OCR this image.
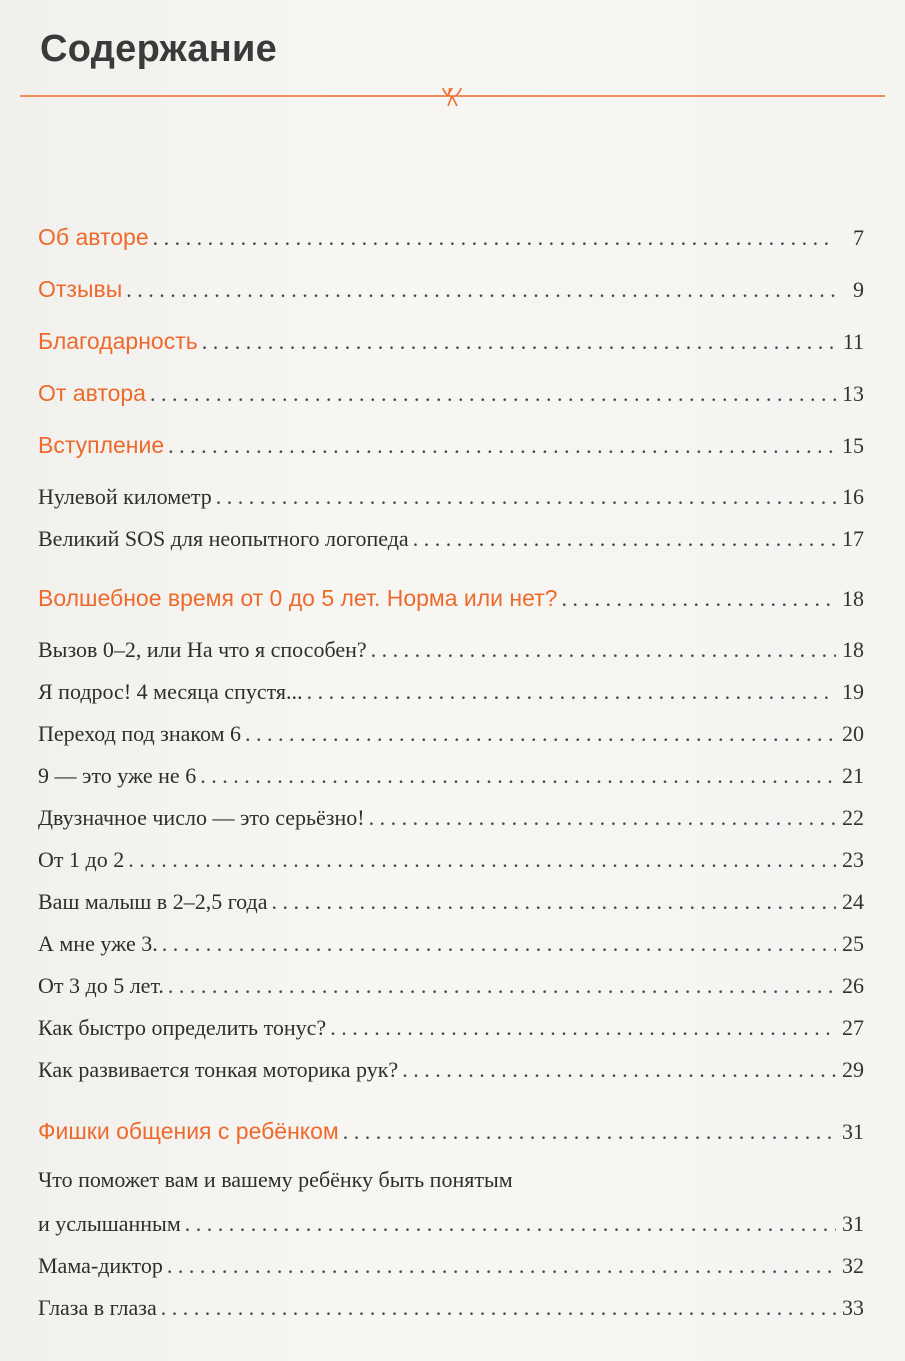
Содержание
Об авторе . . .	7
Отзывы . . .	9
Благодарность . . .	11
От автора . . .	13
Вступление . . .	15
Нулевой километр . . .	16
Великий SOS для неопытного логопеда . . .	17
Волшебное время от 0 до 5 лет. Норма или нет? . . .	18
Вызов 0–2, или На что я способен? . . .	18
Я подрос! 4 месяца спустя... . . .	19
Переход под знаком 6 . . .	20
9 — это уже не 6 . . .	21
Двузначное число — это серьёзно! . . .	22
От 1 до 2 . . .	23
Ваш малыш в 2–2,5 года . . .	24
А мне уже 3. . . .	25
От 3 до 5 лет. . . .	26
Как быстро определить тонус? . . .	27
Как развивается тонкая моторика рук? . . .	29
Фишки общения с ребёнком . . .	31
Что поможет вам и вашему ребёнку быть понятым
и услышанным . . .	31
Мама-диктор . . .	32
Глаза в глаза . . .	33
